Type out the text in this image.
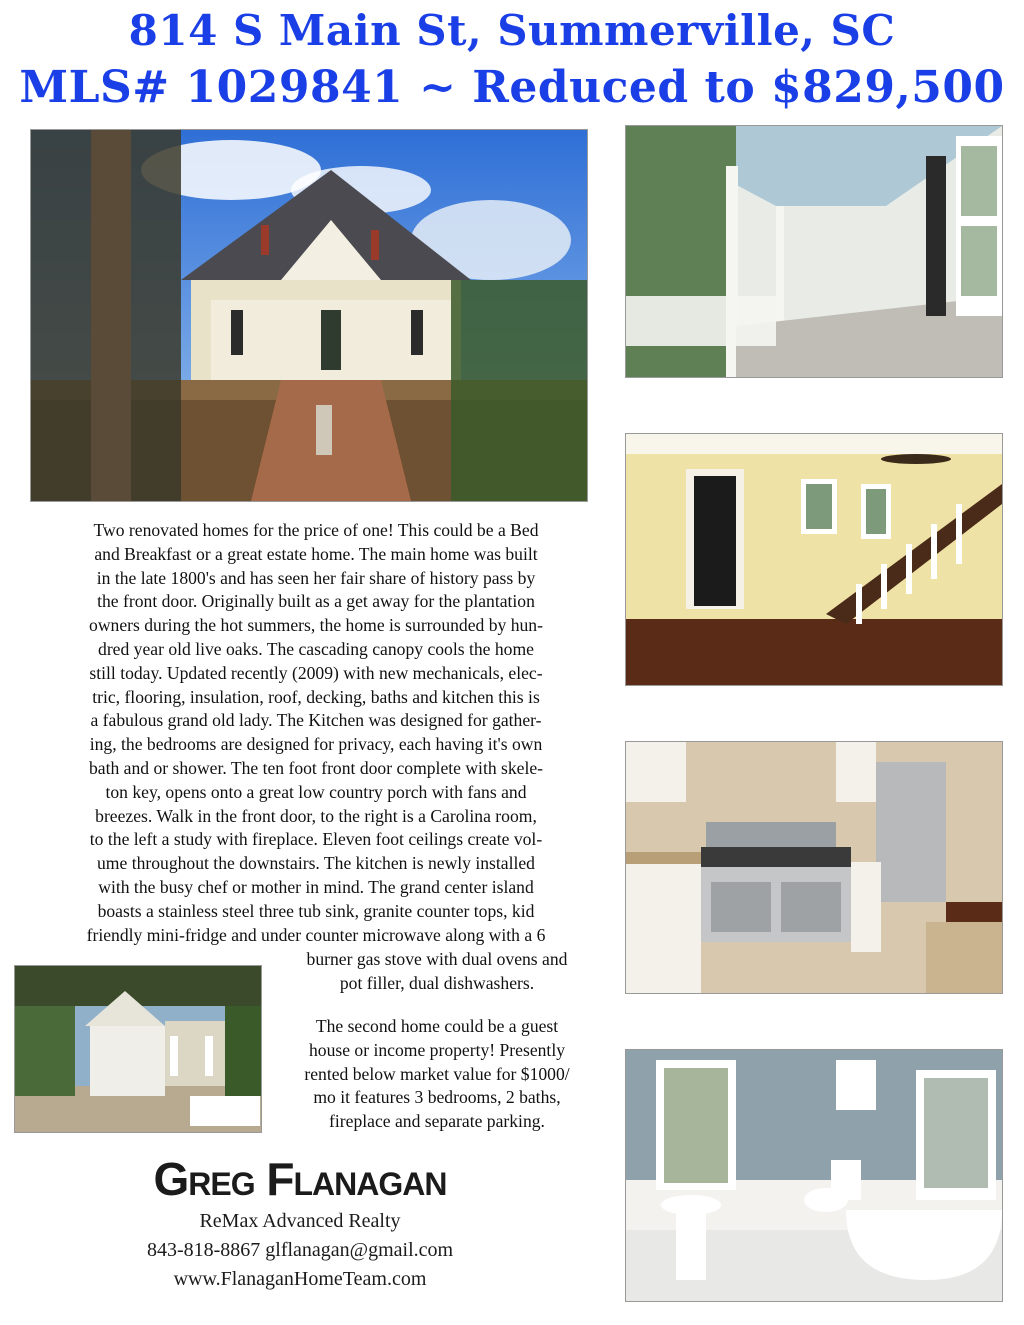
814 S Main St, Summerville, SC
MLS# 1029841 ~ Reduced to $829,500
Two renovated homes for the price of one! This could be a Bed
and Breakfast or a great estate home. The main home was built
in the late 1800's and has seen her fair share of history pass by
the front door. Originally built as a get away for the plantation
owners during the hot summers, the home is surrounded by hun-
dred year old live oaks. The cascading canopy cools the home
still today. Updated recently (2009) with new mechanicals, elec-
tric, flooring, insulation, roof, decking, baths and kitchen this is
a fabulous grand old lady. The Kitchen was designed for gather-
ing, the bedrooms are designed for privacy, each having it's own
bath and or shower. The ten foot front door complete with skele-
ton key, opens onto a great low country porch with fans and
breezes. Walk in the front door, to the right is a Carolina room,
to the left a study with fireplace. Eleven foot ceilings create vol-
ume throughout the downstairs. The kitchen is newly installed
with the busy chef or mother in mind. The grand center island
boasts a stainless steel three tub sink, granite counter tops, kid
friendly mini-fridge and under counter microwave along with a 6
burner gas stove with dual ovens and
pot filler, dual dishwashers.
The second home could be a guest
house or income property! Presently
rented below market value for $1000/
mo it features 3 bedrooms, 2 baths,
fireplace and separate parking.
Greg Flanagan
ReMax Advanced Realty
843-818-8867 glflanagan@gmail.com
www.FlanaganHomeTeam.com
